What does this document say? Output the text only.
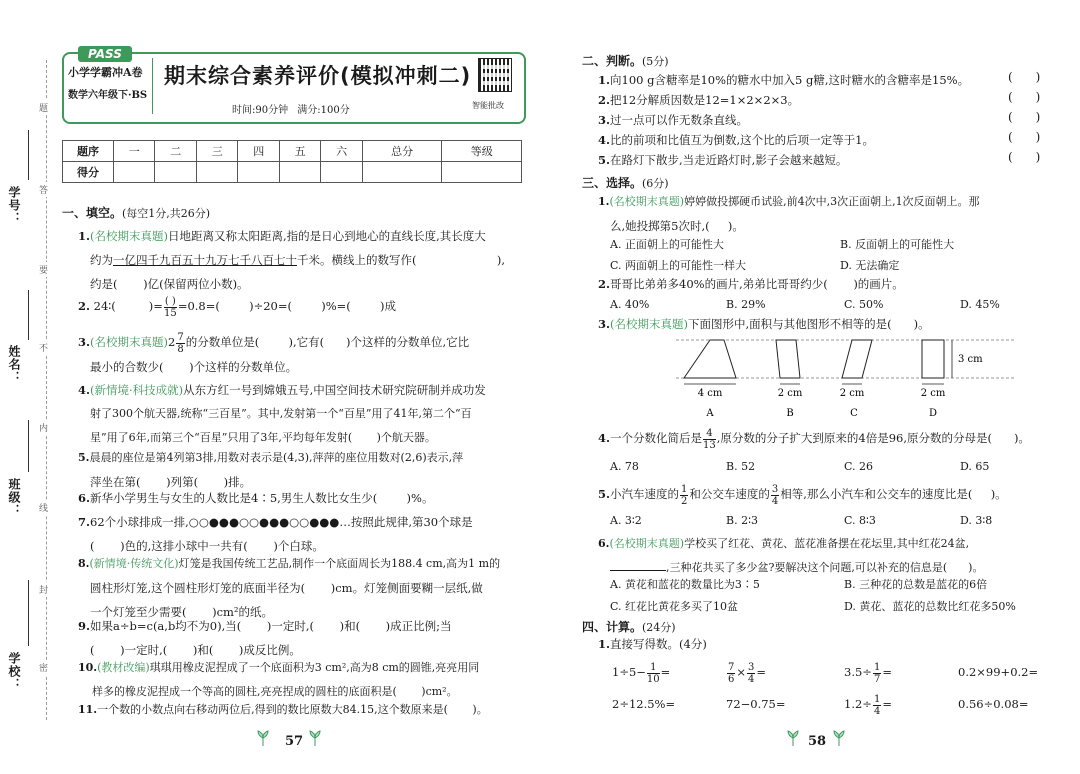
题
答
要
不
内
线
封
密
学号：
姓名：
班级：
学校：
PASS
小学学霸冲A卷
数学六年级下·BS
期末综合素养评价(模拟冲刺二)
时间:90分钟 满分:100分	智能批改
题序	一	二	三	四	五	六	总分	等级
得分								
一、填空。(每空1分,共26分)
1.(名校期末真题)日地距离又称太阳距离,指的是日心到地心的直线长度,其长度大
约为一亿四千九百五十九万七千八百七十千米。横线上的数写作(	),
约是( )亿(保留两位小数)。
2. 24∶(	)= $\frac{( )}{15} =0.8=$(	)÷20=(	)%=(	)成
3.(名校期末真题)$2 \frac{7}{8}$ 的分数单位是(	),它有( )个这样的分数单位,它比
最小的合数少( )个这样的分数单位。
4.(新情境·科技成就)从东方红一号到嫦娥五号,中国空间技术研究院研制并成功发
射了300个航天器,统称“三百星”。其中,发射第一个“百星”用了41年,第二个“百
星”用了6年,而第三个“百星”只用了3年,平均每年发射( )个航天器。
5.晨晨的座位是第4列第3排,用数对表示是(4,3),萍萍的座位用数对(2,6)表示,萍
萍坐在第( )列第( )排。
6.新华小学男生与女生的人数比是4∶5,男生人数比女生少(	)%。
7.62个小球排成一排,○○●●●○○●●●○○●●●…按照此规律,第30个球是
( )色的,这排小球中一共有( )个白球。
8.(新情境·传统文化)灯笼是我国传统工艺品,制作一个底面周长为188.4 cm,高为1 m的
圆柱形灯笼,这个圆柱形灯笼的底面半径为( )cm。灯笼侧面要糊一层纸,做
一个灯笼至少需要( )cm²的纸。
9.如果a÷b=c(a,b均不为0),当( )一定时,( )和( )成正比例;当
( )一定时,( )和( )成反比例。
10.(教材改编)琪琪用橡皮泥捏成了一个底面积为3 cm²,高为8 cm的圆锥,亮亮用同
样多的橡皮泥捏成一个等高的圆柱,亮亮捏成的圆柱的底面积是( )cm²。
11.一个数的小数点向右移动两位后,得到的数比原数大84.15,这个数原来是( )。
57
二、判断。(5分)
1.向100 g含糖率是10%的糖水中加入5 g糖,这时糖水的含糖率是15%。	(      )
2.把12分解质因数是12=1×2×2×3。	(      )
3.过一点可以作无数条直线。	(      )
4.比的前项和比值互为倒数,这个比的后项一定等于1。	(      )
5.在路灯下散步,当走近路灯时,影子会越来越短。	(      )
三、选择。(6分)
1.(名校期末真题)婷婷做投掷硬币试验,前4次中,3次正面朝上,1次反面朝上。那
么,她投掷第5次时,( )。
A. 正面朝上的可能性大	B. 反面朝上的可能性大
C. 两面朝上的可能性一样大	D. 无法确定
2.哥哥比弟弟多40%的画片,弟弟比哥哥约少( )的画片。
A. 40%	B. 29%	C. 50%	D. 45%
3.(名校期末真题)下面图形中,面积与其他图形不相等的是( )。
4 cm	2 cm	2 cm	2 cm
3 cm
A	B	C	D
4.一个分数化简后是 $\frac{4}{13}$ ,原分数的分子扩大到原来的4倍是96,原分数的分母是( )。
A. 78	B. 52	C. 26	D. 65
5.小汽车速度的 $\frac{1}{2}$ 和公交车速度的 $\frac{3}{4}$ 相等,那么小汽车和公交车的速度比是( )。
A. 3∶2	B. 2∶3	C. 8∶3	D. 3∶8
6.(名校期末真题)学校买了红花、黄花、蓝花准备摆在花坛里,其中红花24盆,
,三种花共买了多少盆?要解决这个问题,可以补充的信息是( )。
A. 黄花和蓝花的数量比为3∶5	B. 三种花的总数是蓝花的6倍
C. 红花比黄花多买了10盆	D. 黄花、蓝花的总数比红花多50%
四、计算。(24分)
1.直接写得数。(4分)
$1\div 5- \frac{1}{10}$ =	$\frac{7}{6} \times \frac{3}{4}$ =	$3.5\div \frac{1}{7}$ =	0.2×99+0.2=
2÷12.5%=	72−0.75=	$1.2\div \frac{1}{4}$ =	0.56÷0.08=
58
